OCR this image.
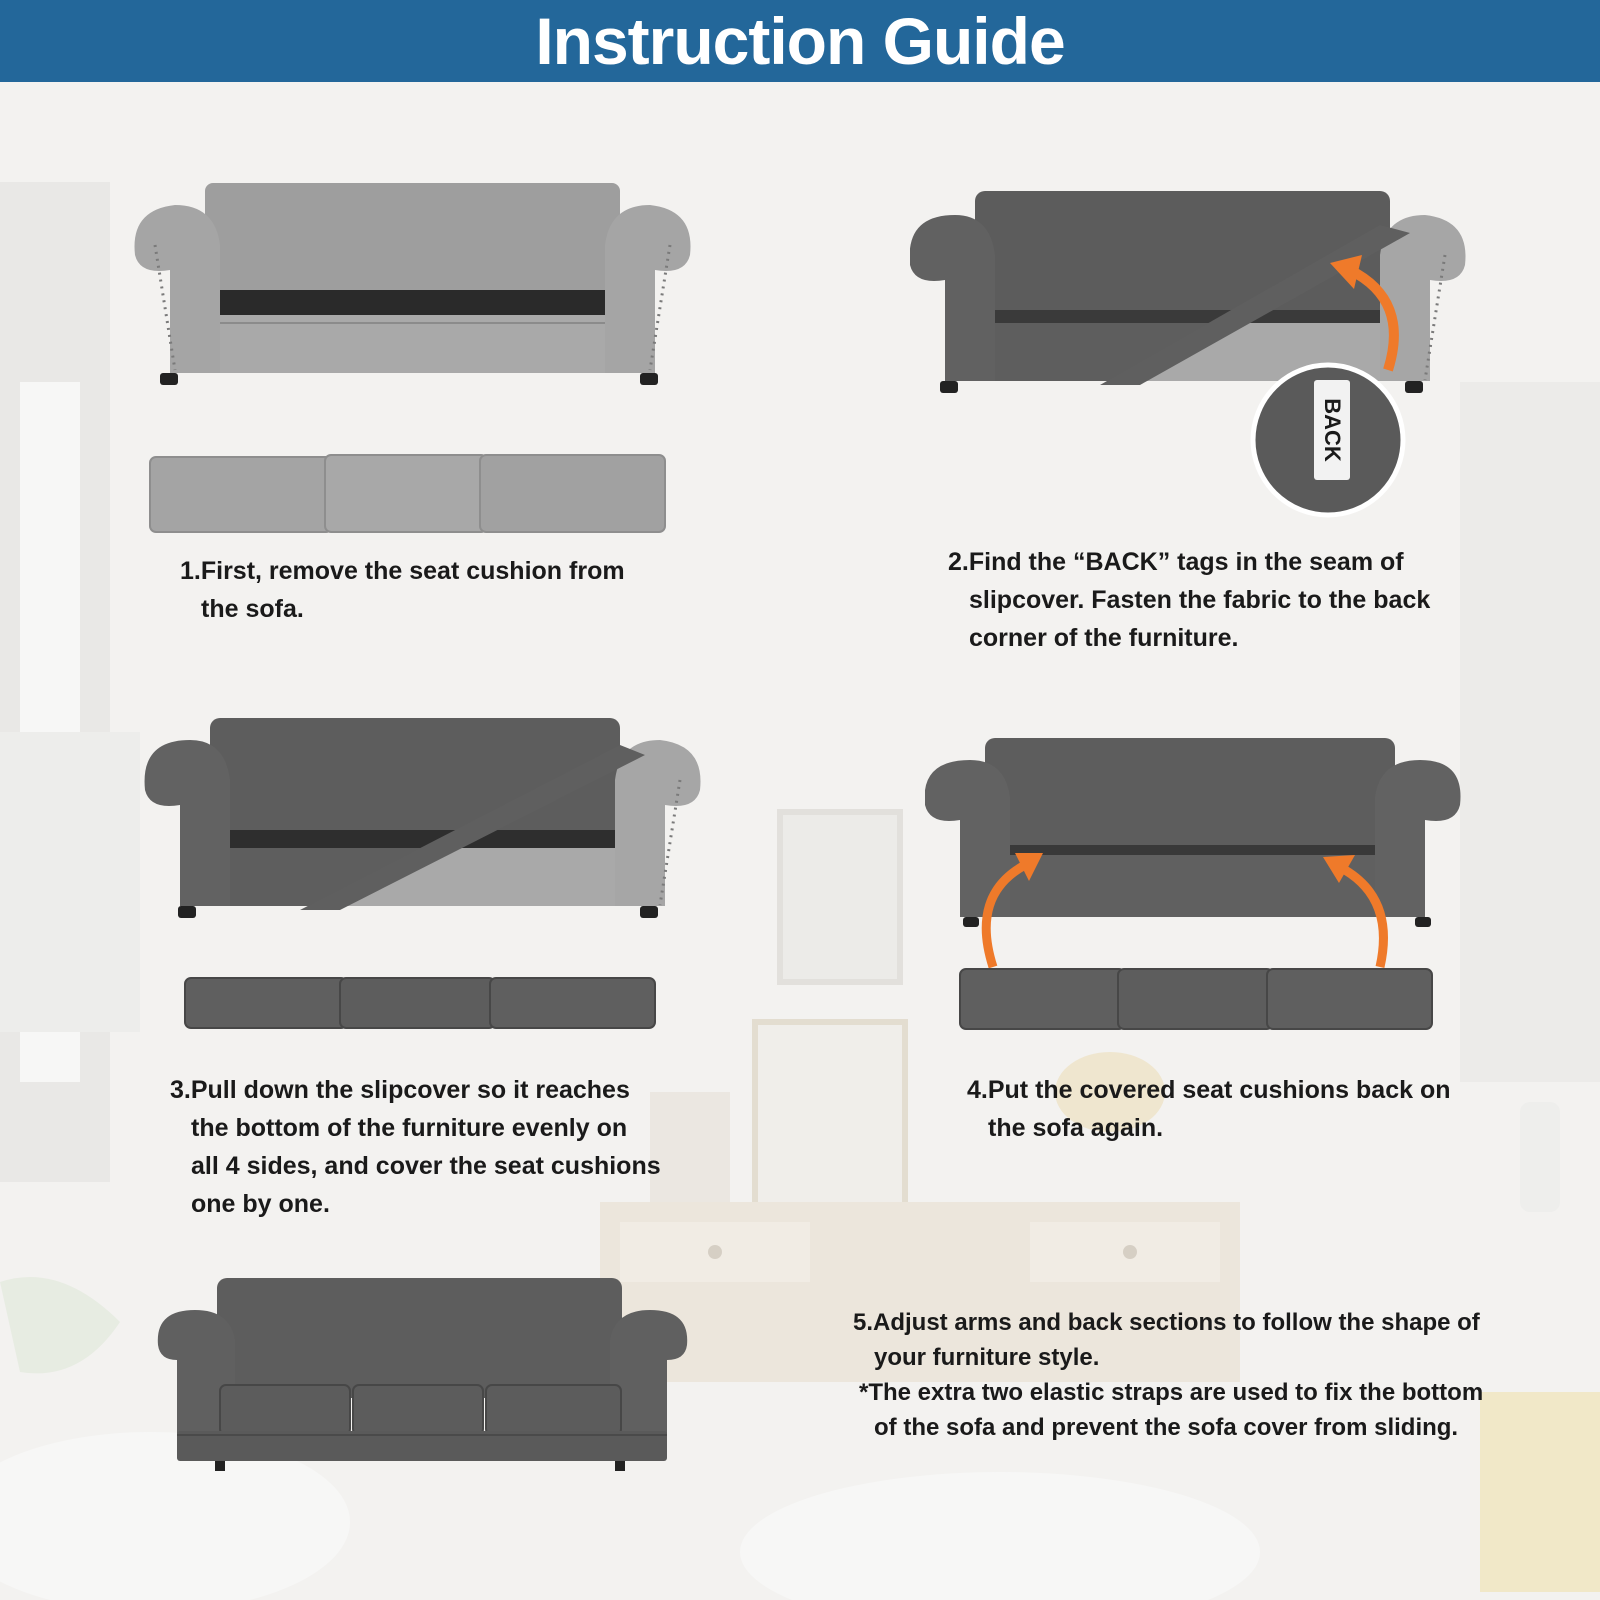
Instruction Guide
BACK
1.First, remove the seat cushion from
the sofa.
2.Find the “BACK” tags in the seam of
slipcover. Fasten the fabric to the back
corner of the furniture.
3.Pull down the slipcover so it reaches
the bottom of the furniture evenly on
all 4 sides, and cover the seat cushions
one by one.
4.Put the covered seat cushions back on
the sofa again.
5.Adjust arms and back sections to follow the shape of
your furniture style.
*The extra two elastic straps are used to fix the bottom
of the sofa and prevent the sofa cover from sliding.
